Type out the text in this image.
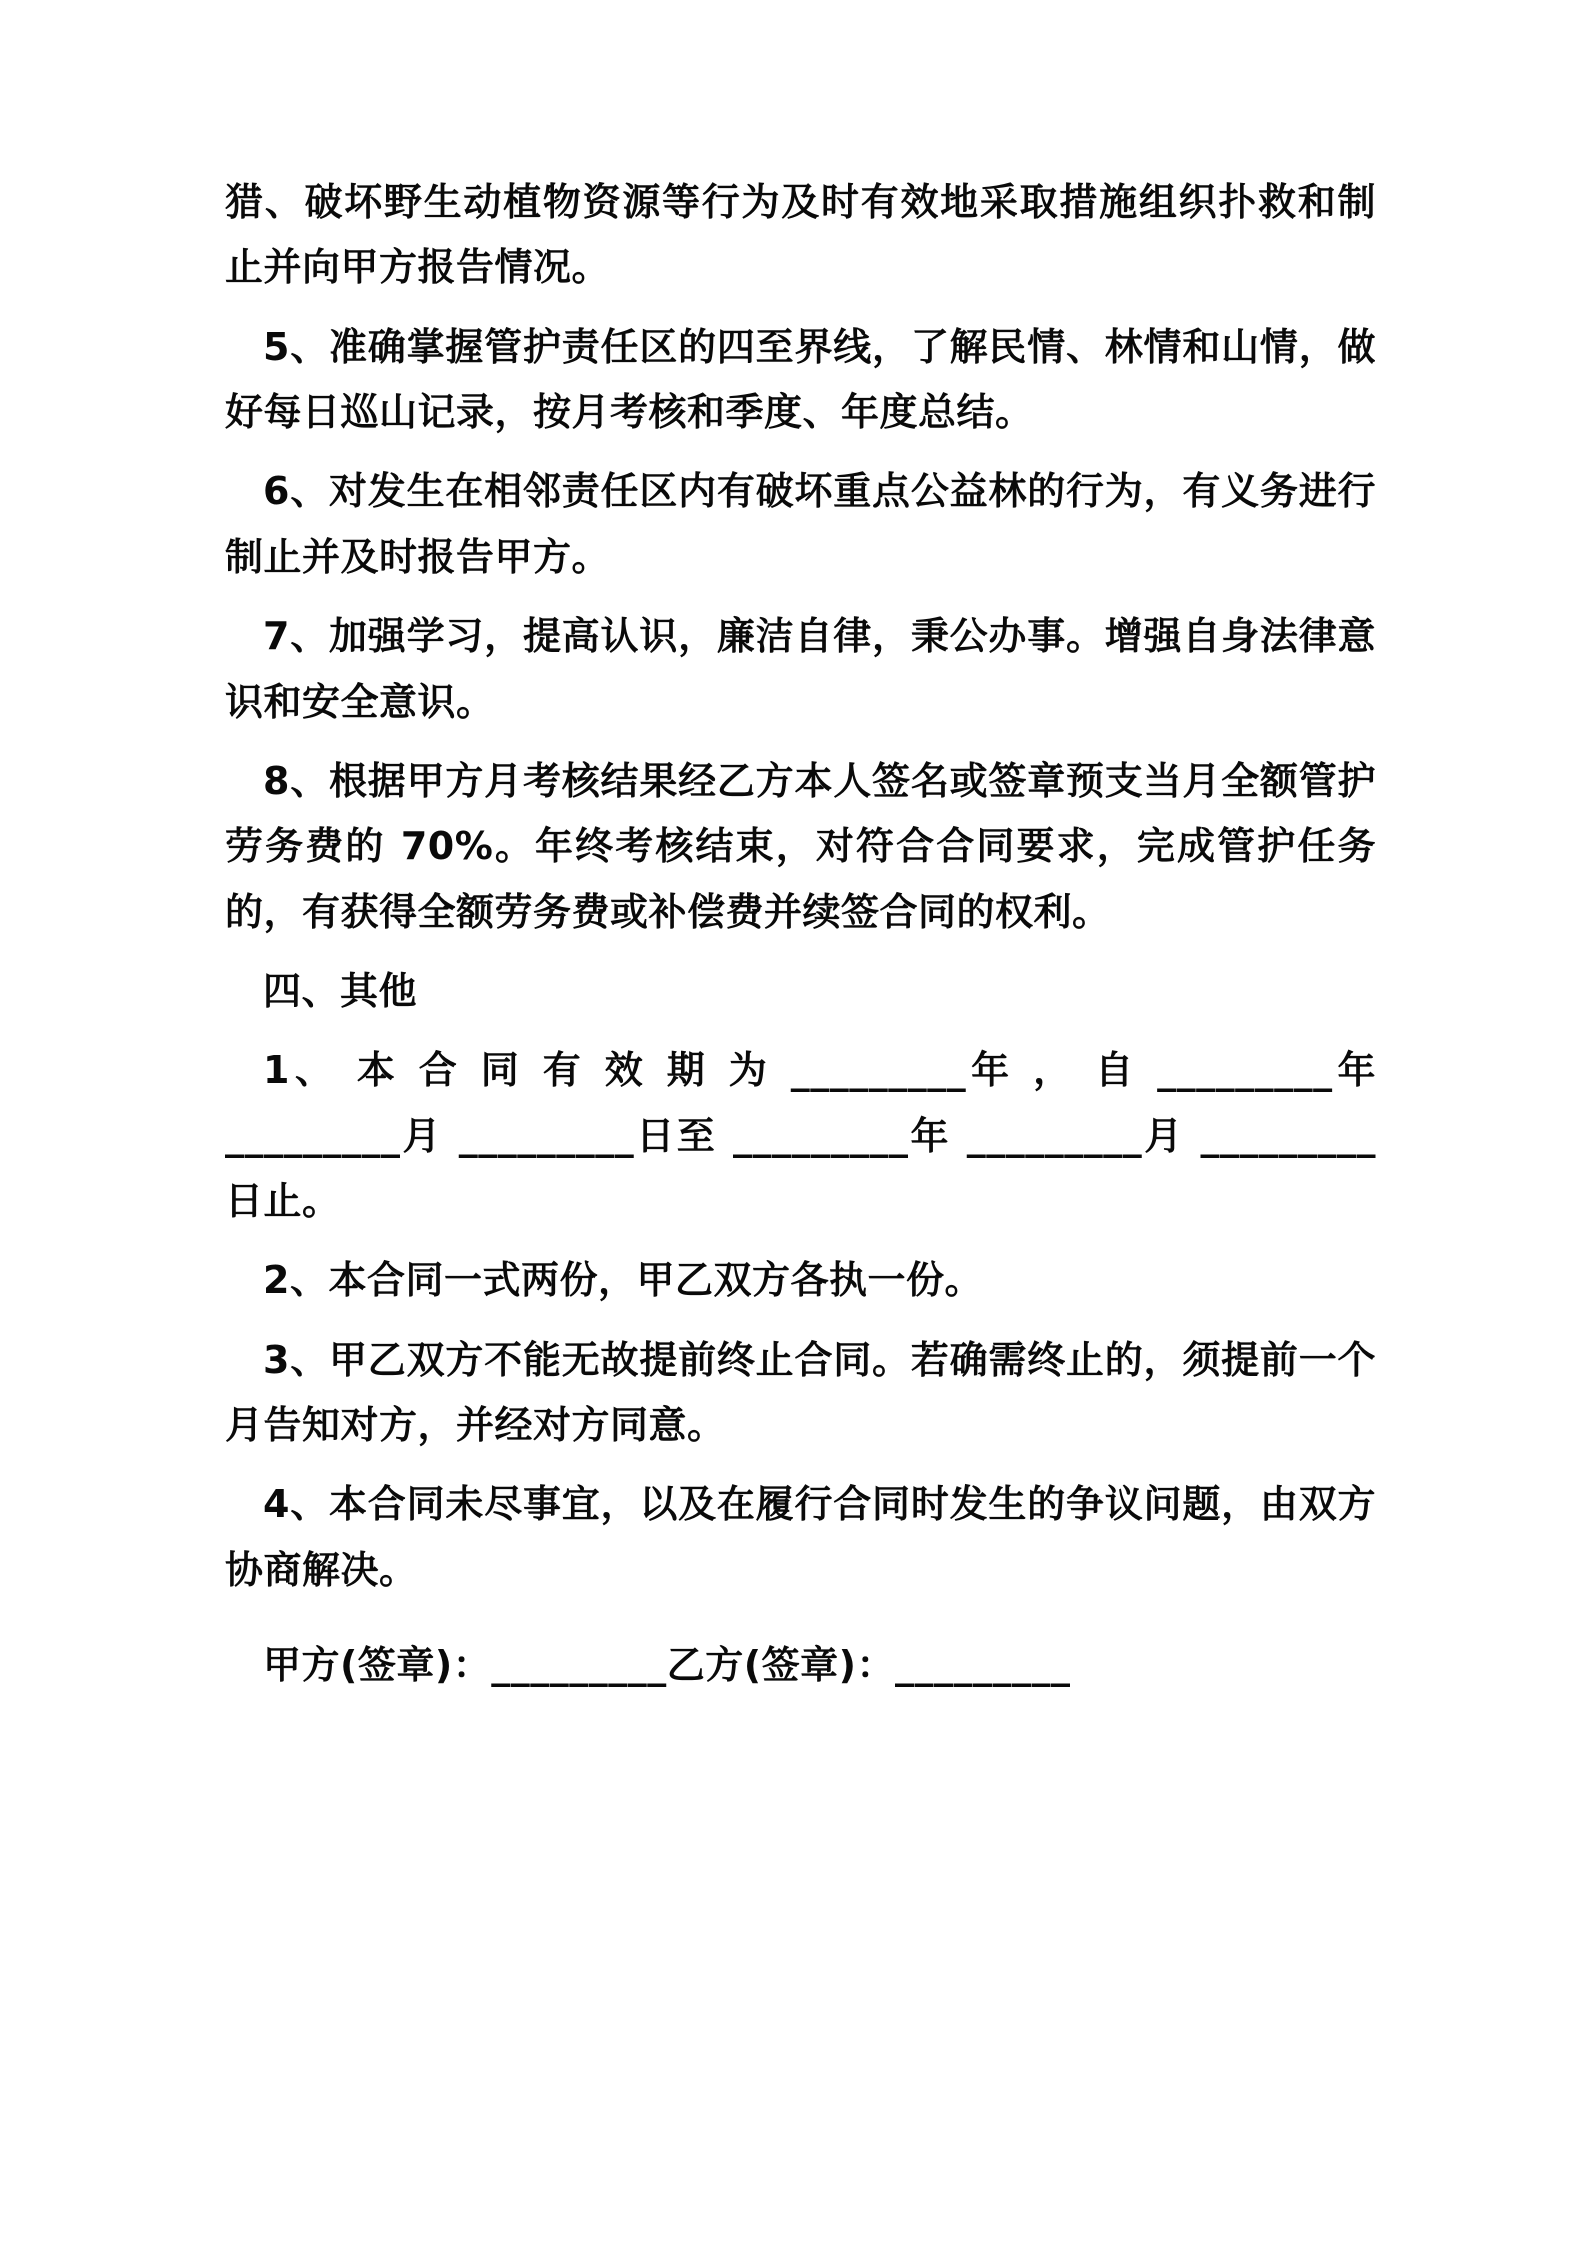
猎、破坏野生动植物资源等行为及时有效地采取措施组织扑救和制止并向甲方报告情况。

5、准确掌握管护责任区的四至界线，了解民情、林情和山情，做好每日巡山记录，按月考核和季度、年度总结。

6、对发生在相邻责任区内有破坏重点公益林的行为，有义务进行制止并及时报告甲方。

7、加强学习，提高认识，廉洁自律，秉公办事。增强自身法律意识和安全意识。

8、根据甲方月考核结果经乙方本人签名或签章预支当月全额管护劳务费的 70%。年终考核结束，对符合合同要求，完成管护任务的，有获得全额劳务费或补偿费并续签合同的权利。

四、其他

1、 本 合 同 有 效 期 为 _________年 ， 自 _________年 _________月 _________日至 _________年 _________月 _________日止。

2、本合同一式两份，甲乙双方各执一份。

3、甲乙双方不能无故提前终止合同。若确需终止的，须提前一个月告知对方，并经对方同意。

4、本合同未尽事宜，以及在履行合同时发生的争议问题，由双方协商解决。

甲方(签章)：_________乙方(签章)：_________
